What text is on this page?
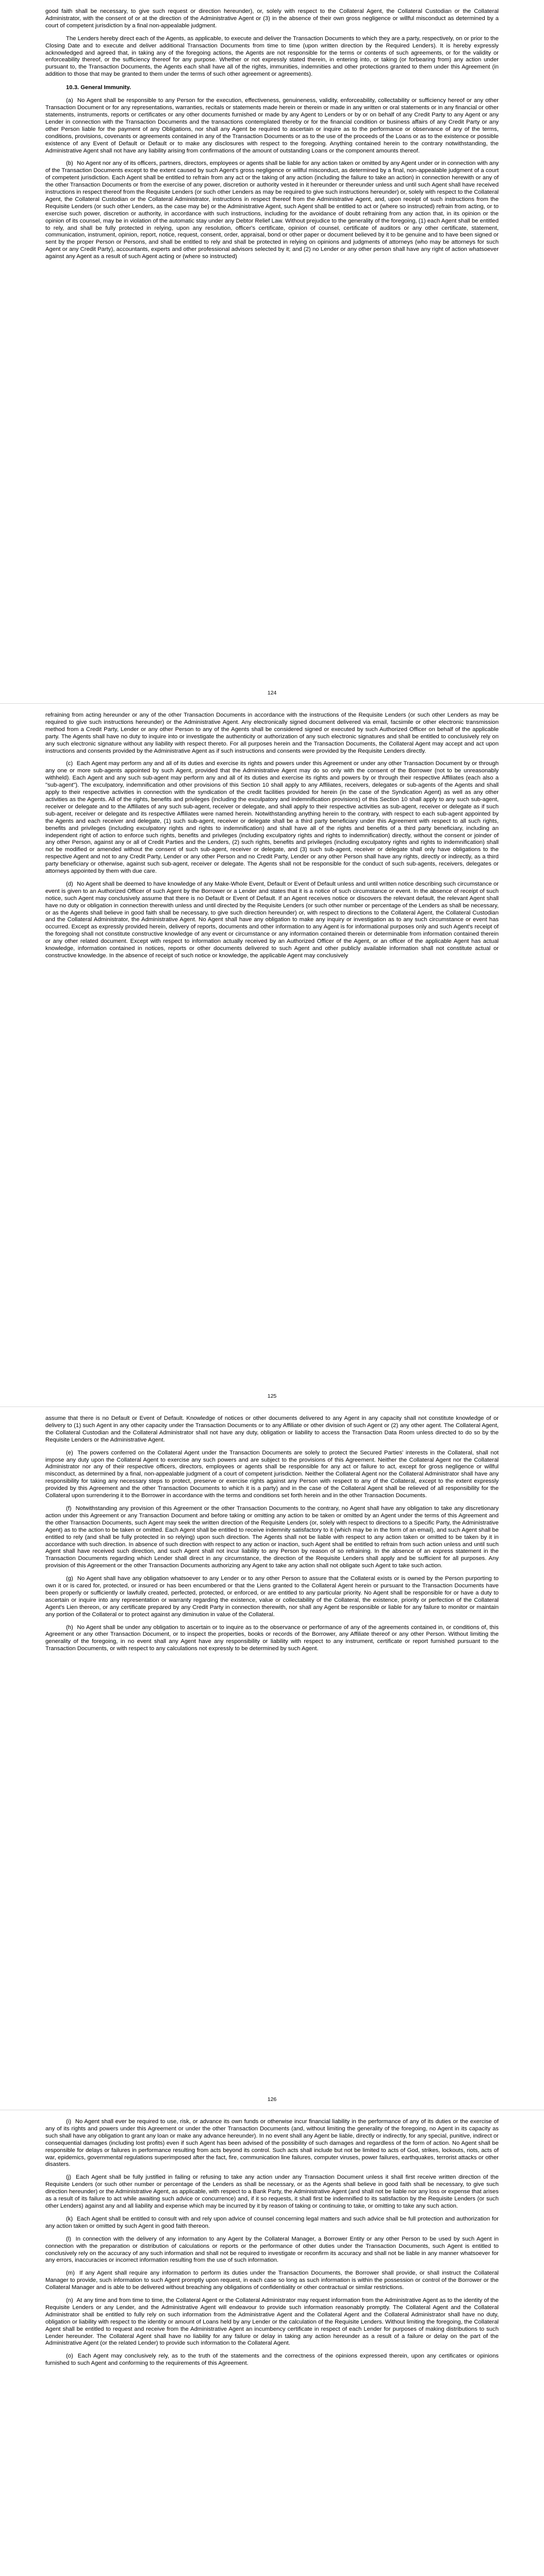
good faith shall be necessary, to give such request or direction hereunder), or, solely with respect to the Collateral Agent, the Collateral Custodian or the Collateral Administrator, with the consent of or at the direction of the Administrative Agent or (3) in the absence of their own gross negligence or willful misconduct as determined by a court of competent jurisdiction by a final non-appealable judgment.

The Lenders hereby direct each of the Agents, as applicable, to execute and deliver the Transaction Documents to which they are a party, respectively, on or prior to the Closing Date and to execute and deliver additional Transaction Documents from time to time (upon written direction by the Required Lenders). It is hereby expressly acknowledged and agreed that, in taking any of the foregoing actions, the Agents are not responsible for the terms or contents of such agreements, or for the validity or enforceability thereof, or the sufficiency thereof for any purpose. Whether or not expressly stated therein, in entering into, or taking (or forbearing from) any action under pursuant to, the Transaction Documents, the Agents each shall have all of the rights, immunities, indemnities and other protections granted to them under this Agreement (in addition to those that may be granted to them under the terms of such other agreement or agreements).

10.3. General Immunity.

(a) No Agent shall be responsible to any Person for the execution, effectiveness, genuineness, validity, enforceability, collectability or sufficiency hereof or any other Transaction Document or for any representations, warranties, recitals or statements made herein or therein or made in any written or oral statements or in any financial or other statements, instruments, reports or certificates or any other documents furnished or made by any Agent to Lenders or by or on behalf of any Credit Party to any Agent or any Lender in connection with the Transaction Documents and the transactions contemplated thereby or for the financial condition or business affairs of any Credit Party or any other Person liable for the payment of any Obligations, nor shall any Agent be required to ascertain or inquire as to the performance or observance of any of the terms, conditions, provisions, covenants or agreements contained in any of the Transaction Documents or as to the use of the proceeds of the Loans or as to the existence or possible existence of any Event of Default or Default or to make any disclosures with respect to the foregoing. Anything contained herein to the contrary notwithstanding, the Administrative Agent shall not have any liability arising from confirmations of the amount of outstanding Loans or the component amounts thereof.

(b) No Agent nor any of its officers, partners, directors, employees or agents shall be liable for any action taken or omitted by any Agent under or in connection with any of the Transaction Documents except to the extent caused by such Agent's gross negligence or willful misconduct, as determined by a final, non-appealable judgment of a court of competent jurisdiction. Each Agent shall be entitled to refrain from any act or the taking of any action (including the failure to take an action) in connection herewith or any of the other Transaction Documents or from the exercise of any power, discretion or authority vested in it hereunder or thereunder unless and until such Agent shall have received instructions in respect thereof from the Requisite Lenders (or such other Lenders as may be required to give such instructions hereunder) or, solely with respect to the Collateral Agent, the Collateral Custodian or the Collateral Administrator, instructions in respect thereof from the Administrative Agent, and, upon receipt of such instructions from the Requisite Lenders (or such other Lenders, as the case may be) or the Administrative Agent, such Agent shall be entitled to act or (where so instructed) refrain from acting, or to exercise such power, discretion or authority, in accordance with such instructions, including for the avoidance of doubt refraining from any action that, in its opinion or the opinion of its counsel, may be in violation of the automatic stay under any Debtor Relief Law. Without prejudice to the generality of the foregoing, (1) each Agent shall be entitled to rely, and shall be fully protected in relying, upon any resolution, officer's certificate, opinion of counsel, certificate of auditors or any other certificate, statement, communication, instrument, opinion, report, notice, request, consent, order, appraisal, bond or other paper or document believed by it to be genuine and to have been signed or sent by the proper Person or Persons, and shall be entitled to rely and shall be protected in relying on opinions and judgments of attorneys (who may be attorneys for such Agent or any Credit Party), accountants, experts and other professional advisors selected by it; and (2) no Lender or any other person shall have any right of action whatsoever against any Agent as a result of such Agent acting or (where so instructed)

124

refraining from acting hereunder or any of the other Transaction Documents in accordance with the instructions of the Requisite Lenders (or such other Lenders as may be required to give such instructions hereunder) or the Administrative Agent. Any electronically signed document delivered via email, facsimile or other electronic transmission method from a Credit Party, Lender or any other Person to any of the Agents shall be considered signed or executed by such Authorized Officer on behalf of the applicable party. The Agents shall have no duty to inquire into or investigate the authenticity or authorization of any such electronic signatures and shall be entitled to conclusively rely on any such electronic signature without any liability with respect thereto. For all purposes herein and the Transaction Documents, the Collateral Agent may accept and act upon instructions and consents provided by the Administrative Agent as if such instructions and consents were provided by the Requisite Lenders directly.

(c) Each Agent may perform any and all of its duties and exercise its rights and powers under this Agreement or under any other Transaction Document by or through any one or more sub-agents appointed by such Agent, provided that the Administrative Agent may do so only with the consent of the Borrower (not to be unreasonably withheld). Each Agent and any such sub-agent may perform any and all of its duties and exercise its rights and powers by or through their respective Affiliates (each also a "sub-agent"). The exculpatory, indemnification and other provisions of this Section 10 shall apply to any Affiliates, receivers, delegates or sub-agents of the Agents and shall apply to their respective activities in connection with the syndication of the credit facilities provided for herein (in the case of the Syndication Agent) as well as any other activities as the Agents. All of the rights, benefits and privileges (including the exculpatory and indemnification provisions) of this Section 10 shall apply to any such sub-agent, receiver or delegate and to the Affiliates of any such sub-agent, receiver or delegate, and shall apply to their respective activities as sub-agent, receiver or delegate as if such sub-agent, receiver or delegate and its respective Affiliates were named herein. Notwithstanding anything herein to the contrary, with respect to each sub-agent appointed by the Agents and each receiver and delegate, (1) such sub-agent, receiver or delegate shall be a third party beneficiary under this Agreement with respect to all such rights, benefits and privileges (including exculpatory rights and rights to indemnification) and shall have all of the rights and benefits of a third party beneficiary, including an independent right of action to enforce such rights, benefits and privileges (including exculpatory rights and rights to indemnification) directly, without the consent or joinder of any other Person, against any or all of Credit Parties and the Lenders, (2) such rights, benefits and privileges (including exculpatory rights and rights to indemnification) shall not be modified or amended without the consent of such sub-agent, receiver or delegate, and (3) such sub-agent, receiver or delegate shall only have obligations to the respective Agent and not to any Credit Party, Lender or any other Person and no Credit Party, Lender or any other Person shall have any rights, directly or indirectly, as a third party beneficiary or otherwise, against such sub-agent, receiver or delegate. The Agents shall not be responsible for the conduct of such sub-agents, receivers, delegates or attorneys appointed by them with due care.

(d) No Agent shall be deemed to have knowledge of any Make-Whole Event, Default or Event of Default unless and until written notice describing such circumstance or event is given to an Authorized Officer of such Agent by the Borrower or a Lender and states that it is a notice of such circumstance or event. In the absence of receipt of such notice, such Agent may conclusively assume that there is no Default or Event of Default. If an Agent receives notice or discovers the relevant default, the relevant Agent shall have no duty or obligation in connection therewith unless and until directed by the Requisite Lenders (or such other number or percentage of the Lenders as shall be necessary, or as the Agents shall believe in good faith shall be necessary, to give such direction hereunder) or, with respect to directions to the Collateral Agent, the Collateral Custodian and the Collateral Administrator, the Administrative Agent. No Agent shall have any obligation to make any inquiry or investigation as to any such circumstance or event has occurred. Except as expressly provided herein, delivery of reports, documents and other information to any Agent is for informational purposes only and such Agent's receipt of the foregoing shall not constitute constructive knowledge of any event or circumstance or any information contained therein or determinable from information contained therein or any other related document. Except with respect to information actually received by an Authorized Officer of the Agent, or an officer of the applicable Agent has actual knowledge, information contained in notices, reports or other documents delivered to such Agent and other publicly available information shall not constitute actual or constructive knowledge. In the absence of receipt of such notice or knowledge, the applicable Agent may conclusively

125

assume that there is no Default or Event of Default. Knowledge of notices or other documents delivered to any Agent in any capacity shall not constitute knowledge of or delivery to (1) such Agent in any other capacity under the Transaction Documents or to any Affiliate or other division of such Agent or (2) any other agent. The Collateral Agent, the Collateral Custodian and the Collateral Administrator shall not have any duty, obligation or liability to access the Transaction Data Room unless directed to do so by the Requisite Lenders or the Administrative Agent.

(e) The powers conferred on the Collateral Agent under the Transaction Documents are solely to protect the Secured Parties' interests in the Collateral, shall not impose any duty upon the Collateral Agent to exercise any such powers and are subject to the provisions of this Agreement. Neither the Collateral Agent nor the Collateral Administrator nor any of their respective officers, directors, employees or agents shall be responsible for any act or failure to act, except for gross negligence or willful misconduct, as determined by a final, non-appealable judgment of a court of competent jurisdiction. Neither the Collateral Agent nor the Collateral Administrator shall have any responsibility for taking any necessary steps to protect, preserve or exercise rights against any Person with respect to any of the Collateral, except to the extent expressly provided by this Agreement and the other Transaction Documents to which it is a party) and in the case of the Collateral Agent shall be relieved of all responsibility for the Collateral upon surrendering it to the Borrower in accordance with the terms and conditions set forth herein and in the other Transaction Documents.

(f) Notwithstanding any provision of this Agreement or the other Transaction Documents to the contrary, no Agent shall have any obligation to take any discretionary action under this Agreement or any Transaction Document and before taking or omitting any action to be taken or omitted by an Agent under the terms of this Agreement and the other Transaction Documents, such Agent may seek the written direction of the Requisite Lenders (or, solely with respect to directions to a Specific Party, the Administrative Agent) as to the action to be taken or omitted. Each Agent shall be entitled to receive indemnity satisfactory to it (which may be in the form of an email), and such Agent shall be entitled to rely (and shall be fully protected in so relying) upon such direction. The Agents shall not be liable with respect to any action taken or omitted to be taken by it in accordance with such direction. In absence of such direction with respect to any action or inaction, such Agent shall be entitled to refrain from such action unless and until such Agent shall have received such direction, and such Agent shall not incur liability to any Person by reason of so refraining. In the absence of an express statement in the Transaction Documents regarding which Lender shall direct in any circumstance, the direction of the Requisite Lenders shall apply and be sufficient for all purposes. Any provision of this Agreement or the other Transaction Documents authorizing any Agent to take any action shall not obligate such Agent to take such action.

(g) No Agent shall have any obligation whatsoever to any Lender or to any other Person to assure that the Collateral exists or is owned by the Person purporting to own it or is cared for, protected, or insured or has been encumbered or that the Liens granted to the Collateral Agent herein or pursuant to the Transaction Documents have been properly or sufficiently or lawfully created, perfected, protected, or enforced, or are entitled to any particular priority. No Agent shall be responsible for or have a duty to ascertain or inquire into any representation or warranty regarding the existence, value or collectability of the Collateral, the existence, priority or perfection of the Collateral Agent's Lien thereon, or any certificate prepared by any Credit Party in connection therewith, nor shall any Agent be responsible or liable for any failure to monitor or maintain any portion of the Collateral or to protect against any diminution in value of the Collateral.

(h) No Agent shall be under any obligation to ascertain or to inquire as to the observance or performance of any of the agreements contained in, or conditions of, this Agreement or any other Transaction Document, or to inspect the properties, books or records of the Borrower, any Affiliate thereof or any other Person. Without limiting the generality of the foregoing, in no event shall any Agent have any responsibility or liability with respect to any instrument, certificate or report furnished pursuant to the Transaction Documents, or with respect to any calculations not expressly to be determined by such Agent.

126

(i) No Agent shall ever be required to use, risk, or advance its own funds or otherwise incur financial liability in the performance of any of its duties or the exercise of any of its rights and powers under this Agreement or under the other Transaction Documents (and, without limiting the generality of the foregoing, no Agent in its capacity as such shall have any obligation to grant any loan or make any advance hereunder). In no event shall any Agent be liable, directly or indirectly, for any special, punitive, indirect or consequential damages (including lost profits) even if such Agent has been advised of the possibility of such damages and regardless of the form of action. No Agent shall be responsible for delays or failures in performance resulting from acts beyond its control. Such acts shall include but not be limited to acts of God, strikes, lockouts, riots, acts of war, epidemics, governmental regulations superimposed after the fact, fire, communication line failures, computer viruses, power failures, earthquakes, terrorist attacks or other disasters.

(j) Each Agent shall be fully justified in failing or refusing to take any action under any Transaction Document unless it shall first receive written direction of the Requisite Lenders (or such other number or percentage of the Lenders as shall be necessary, or as the Agents shall believe in good faith shall be necessary, to give such direction hereunder) or the Administrative Agent, as applicable, with respect to a Bank Party, the Administrative Agent (and shall not be liable nor any loss or expense that arises as a result of its failure to act while awaiting such advice or concurrence) and, if it so requests, it shall first be indemnified to its satisfaction by the Requisite Lenders (or such other Lenders) against any and all liability and expense which may be incurred by it by reason of taking or continuing to take, or omitting to take any such action.

(k) Each Agent shall be entitled to consult with and rely upon advice of counsel concerning legal matters and such advice shall be full protection and authorization for any action taken or omitted by such Agent in good faith thereon.

(l) In connection with the delivery of any information to any Agent by the Collateral Manager, a Borrower Entity or any other Person to be used by such Agent in connection with the preparation or distribution of calculations or reports or the performance of other duties under the Transaction Documents, such Agent is entitled to conclusively rely on the accuracy of any such information and shall not be required to investigate or reconfirm its accuracy and shall not be liable in any manner whatsoever for any errors, inaccuracies or incorrect information resulting from the use of such information.

(m) If any Agent shall require any information to perform its duties under the Transaction Documents, the Borrower shall provide, or shall instruct the Collateral Manager to provide, such information to such Agent promptly upon request, in each case so long as such information is within the possession or control of the Borrower or the Collateral Manager and is able to be delivered without breaching any obligations of confidentiality or other contractual or similar restrictions.

(n) At any time and from time to time, the Collateral Agent or the Collateral Administrator may request information from the Administrative Agent as to the identity of the Requisite Lenders or any Lender, and the Administrative Agent will endeavour to provide such information reasonably promptly. The Collateral Agent and the Collateral Administrator shall be entitled to fully rely on such information from the Administrative Agent and the Collateral Agent and the Collateral Administrator shall have no duty, obligation or liability with respect to the identity or amount of Loans held by any Lender or the calculation of the Requisite Lenders. Without limiting the foregoing, the Collateral Agent shall be entitled to request and receive from the Administrative Agent an incumbency certificate in respect of each Lender for purposes of making distributions to such Lender hereunder. The Collateral Agent shall have no liability for any failure or delay in taking any action hereunder as a result of a failure or delay on the part of the Administrative Agent (or the related Lender) to provide such information to the Collateral Agent.

(o) Each Agent may conclusively rely, as to the truth of the statements and the correctness of the opinions expressed therein, upon any certificates or opinions furnished to such Agent and conforming to the requirements of this Agreement.
